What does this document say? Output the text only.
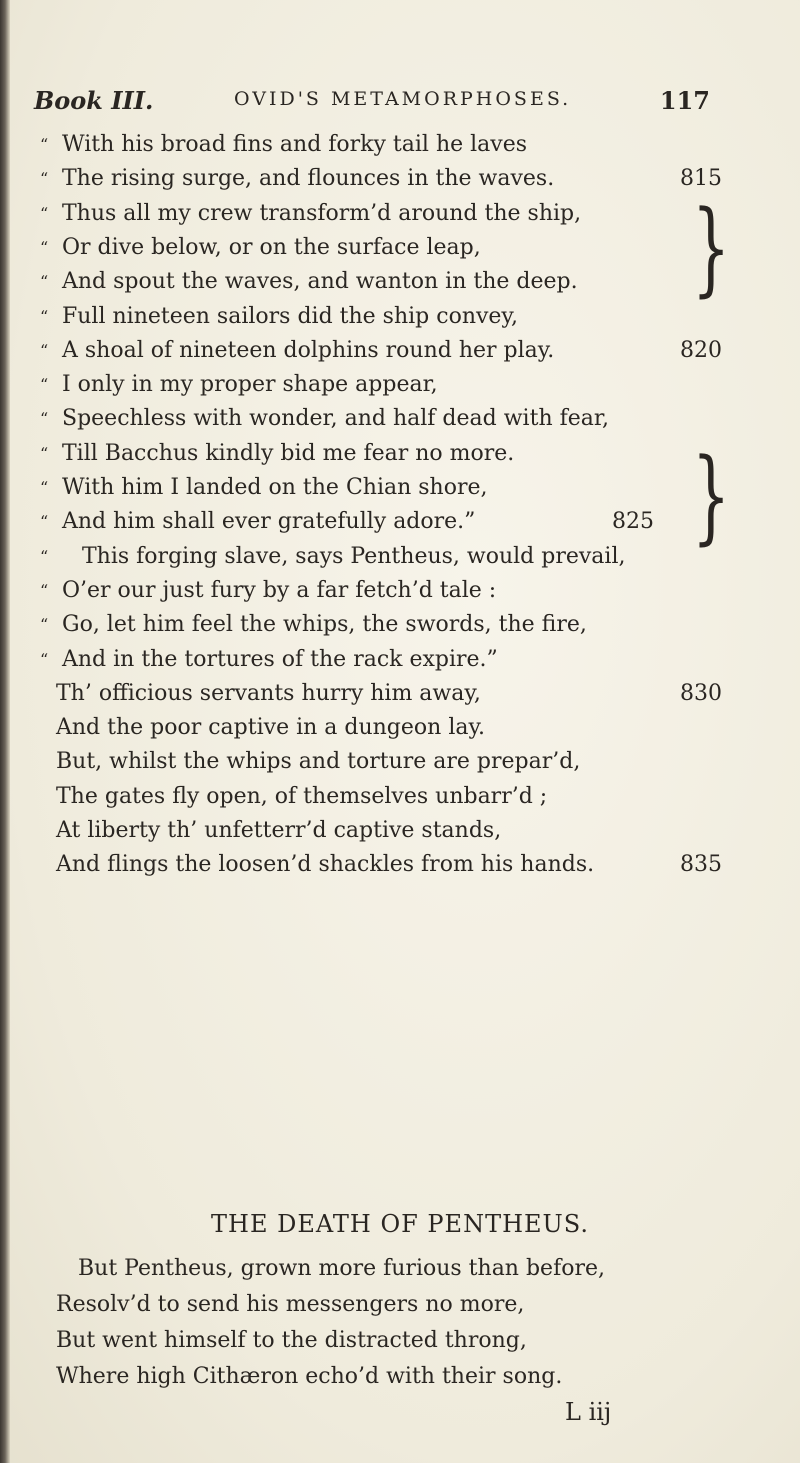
Book III.	OVID'S METAMORPHOSES.	117
“ With his broad fins and forky tail he laves
“ The rising surge, and flounces in the waves.	815
“ Thus all my crew transform’d around the ship,
“ Or dive below, or on the surface leap,
“ And spout the waves, and wanton in the deep.
“ Full nineteen sailors did the ship convey,
“ A shoal of nineteen dolphins round her play.	820
“ I only in my proper shape appear,
“ Speechless with wonder, and half dead with fear,
“ Till Bacchus kindly bid me fear no more.
“ With him I landed on the Chian shore,
“ And him shall ever gratefully adore.”	825
“	This forging slave, says Pentheus, would prevail,
“ O’er our just fury by a far fetch’d tale :
“ Go, let him feel the whips, the swords, the fire,
“ And in the tortures of the rack expire.”
Th’ officious servants hurry him away,	830
And the poor captive in a dungeon lay.
But, whilst the whips and torture are prepar’d,
The gates fly open, of themselves unbarr’d ;
At liberty th’ unfetterr’d captive stands,
And flings the loosen’d shackles from his hands.	835
}
}
THE DEATH OF PENTHEUS.
But Pentheus, grown more furious than before,
Resolv’d to send his messengers no more,
But went himself to the distracted throng,
Where high Cithæron echo’d with their song.
L iij
